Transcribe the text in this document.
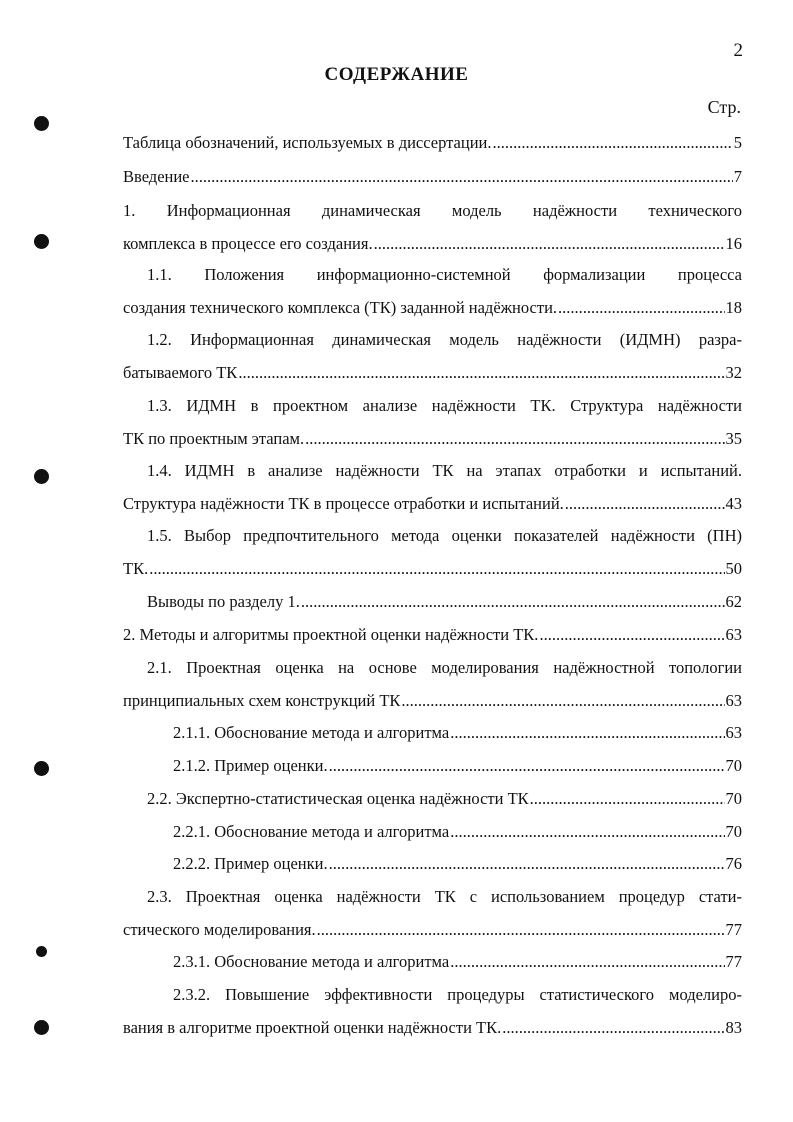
2
СОДЕРЖАНИЕ
Стр.
Таблица обозначений, используемых в диссертации. .....	5
Введение .....	7
1. Информационная динамическая модель надёжности технического
комплекса в процессе его создания. .....	16
1.1. Положения информационно-системной формализации процесса
создания технического комплекса (ТК) заданной надёжности. .....	18
1.2. Информационная динамическая модель надёжности (ИДМН) разра-
батываемого ТК .....	32
1.3. ИДМН в проектном анализе надёжности ТК. Структура надёжности
ТК по проектным этапам. .....	35
1.4. ИДМН в анализе надёжности ТК на этапах отработки и испытаний.
Структура надёжности ТК в процессе отработки и испытаний. .....	43
1.5. Выбор предпочтительного метода оценки показателей надёжности (ПН)
ТК. .....	50
Выводы по разделу 1. .....	62
2. Методы и алгоритмы проектной оценки надёжности ТК. .....	63
2.1. Проектная оценка на основе моделирования надёжностной топологии
принципиальных схем конструкций ТК .....	63
2.1.1. Обоснование метода и алгоритма .....	63
2.1.2. Пример оценки. .....	70
2.2. Экспертно-статистическая оценка надёжности ТК .....	70
2.2.1. Обоснование метода и алгоритма .....	70
2.2.2. Пример оценки. .....	76
2.3. Проектная оценка надёжности ТК с использованием процедур стати-
стического моделирования. .....	77
2.3.1. Обоснование метода и алгоритма .....	77
2.3.2. Повышение эффективности процедуры статистического моделиро-
вания в алгоритме проектной оценки надёжности ТК. .....	83
